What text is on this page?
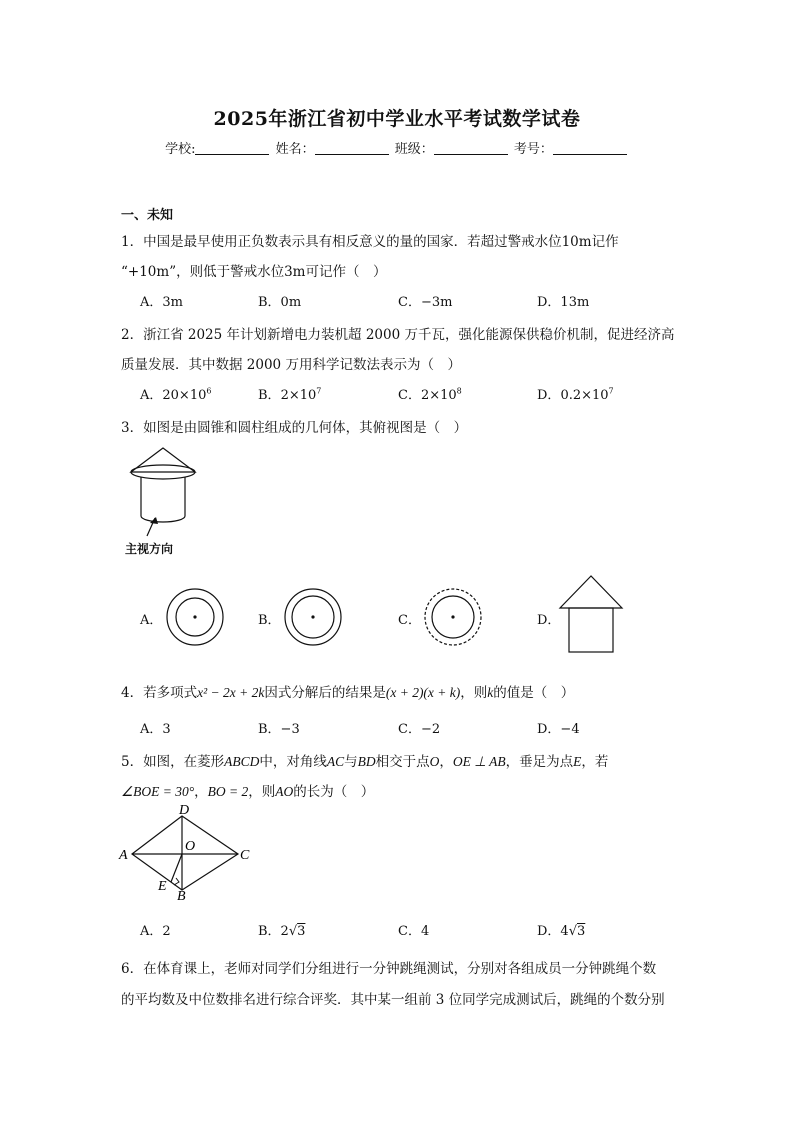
2025年浙江省初中学业水平考试数学试卷
学校:	姓名：	班级：	考号：
一、未知
1．中国是最早使用正负数表示具有相反意义的量的国家．若超过警戒水位10m记作
“+10m”，则低于警戒水位3m可记作（　）
A．3m	B．0m	C．−3m	D．13m
2．浙江省 2025 年计划新增电力装机超 2000 万千瓦，强化能源保供稳价机制，促进经济高
质量发展．其中数据 2000 万用科学记数法表示为（　）
A．$20\times 10^6$	B．$2\times 10^7$	C．$2\times 10^8$	D．$0.2\times 10^7$
3．如图是由圆锥和圆柱组成的几何体，其俯视图是（　）
主视方向
A．	B．	C．	D．
4．若多项式x² − 2x + 2k因式分解后的结果是(x + 2)(x + k)，则k的值是（　）
A．3	B．−3	C．−2	D．−4
5．如图，在菱形ABCD中，对角线AC与BD相交于点O，OE ⊥ AB，垂足为点E，若
∠BOE = 30°，BO = 2，则AO的长为（　）
A
B
C
D
O
E
A．2	B．2√3	C．4	D．4√3
6．在体育课上，老师对同学们分组进行一分钟跳绳测试，分别对各组成员一分钟跳绳个数
的平均数及中位数排名进行综合评奖．其中某一组前 3 位同学完成测试后，跳绳的个数分别
